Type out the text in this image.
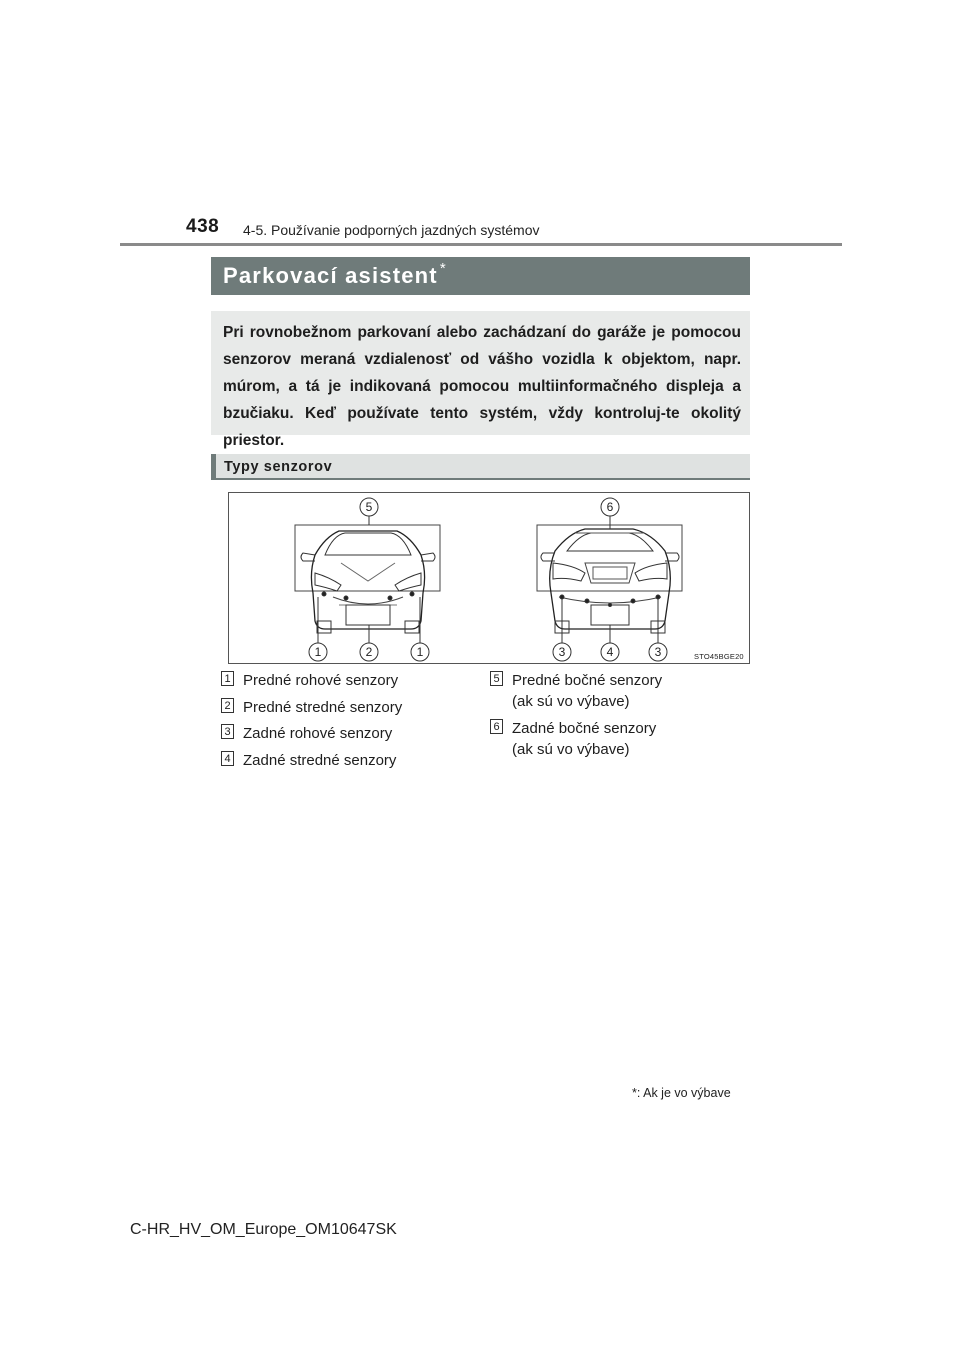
438 4-5. Používanie podporných jazdných systémov
Parkovací asistent *

Pri rovnobežnom parkovaní alebo zachádzaní do garáže je pomocou senzorov meraná vzdialenosť od vášho vozidla k objektom, napr. múrom, a tá je indikovaná pomocou multiinformačného displeja a bzučiaku. Keď používate tento systém, vždy kontroluj-te okolitý priestor.

Typy senzorov
5
1	2	1
6
3	4	3	STO45BGE20
1 Predné rohové senzory
2 Predné stredné senzory
3 Zadné rohové senzory
4 Zadné stredné senzory
5 Predné bočné senzory
(ak sú vo výbave)
6 Zadné bočné senzory
(ak sú vo výbave)
*: Ak je vo výbave
C-HR_HV_OM_Europe_OM10647SK
